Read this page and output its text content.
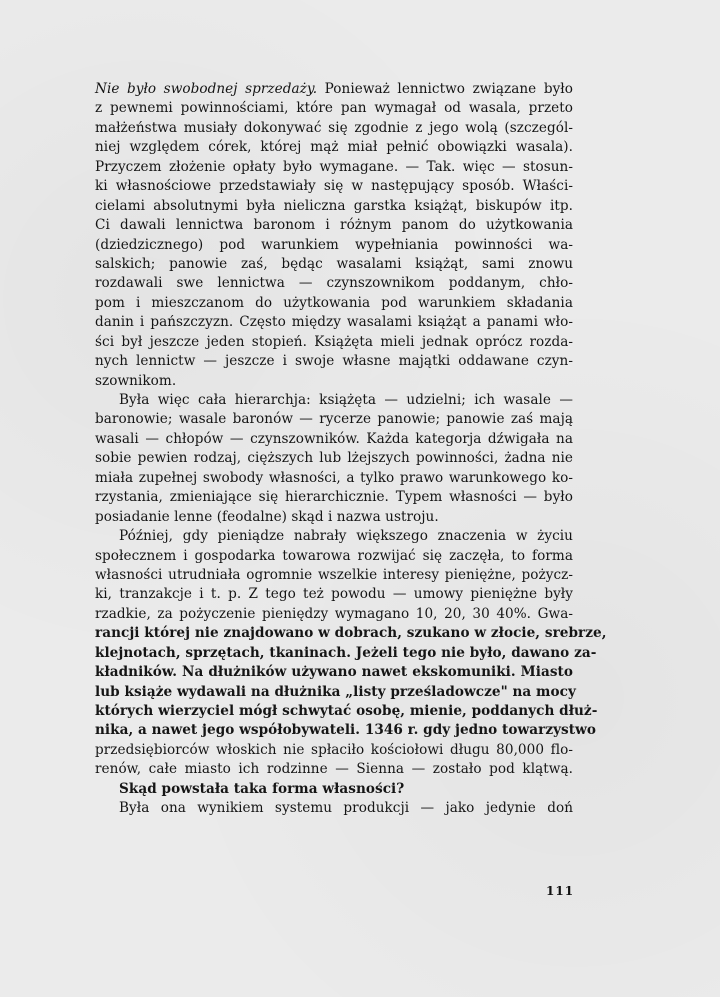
Nie było swobodnej sprzedaży. Ponieważ lennictwo związane było
z pewnemi powinnościami, które pan wymagał od wasala, przeto
małżeństwa musiały dokonywać się zgodnie z jego wolą (szczegól-
niej względem córek, której mąż miał pełnić obowiązki wasala).
Przyczem złożenie opłaty było wymagane. — Tak. więc — stosun-
ki własnościowe przedstawiały się w następujący sposób. Właści-
cielami absolutnymi była nieliczna garstka książąt, biskupów itp.
Ci dawali lennictwa baronom i różnym panom do użytkowania
(dziedzicznego) pod warunkiem wypełniania powinności wa-
salskich; panowie zaś, będąc wasalami książąt, sami znowu
rozdawali swe lennictwa — czynszownikom poddanym, chło-
pom i mieszczanom do użytkowania pod warunkiem składania
danin i pańszczyzn. Często między wasalami książąt a panami wło-
ści był jeszcze jeden stopień. Książęta mieli jednak oprócz rozda-
nych lennictw — jeszcze i swoje własne majątki oddawane czyn-
szownikom.
Była więc cała hierarchja: książęta — udzielni; ich wasale —
baronowie; wasale baronów — rycerze panowie; panowie zaś mają
wasali — chłopów — czynszowników. Każda kategorja dźwigała na
sobie pewien rodzaj, cięższych lub lżejszych powinności, żadna nie
miała zupełnej swobody własności, a tylko prawo warunkowego ko-
rzystania, zmieniające się hierarchicznie. Typem własności — było
posiadanie lenne (feodalne) skąd i nazwa ustroju.
Później, gdy pieniądze nabrały większego znaczenia w życiu
społecznem i gospodarka towarowa rozwijać się zaczęła, to forma
własności utrudniała ogromnie wszelkie interesy pieniężne, pożycz-
ki, tranzakcje i t. p. Z tego też powodu — umowy pieniężne były
rzadkie, za pożyczenie pieniędzy wymagano 10, 20, 30 40%. Gwa-
rancji której nie znajdowano w dobrach, szukano w złocie, srebrze,
klejnotach, sprzętach, tkaninach. Jeżeli tego nie było, dawano za-
kładników. Na dłużników używano nawet ekskomuniki. Miasto
lub książe wydawali na dłużnika „listy prześladowcze" na mocy
których wierzyciel mógł schwytać osobę, mienie, poddanych dłuż-
nika, a nawet jego współobywateli. 1346 r. gdy jedno towarzystwo
przedsiębiorców włoskich nie spłaciło kościołowi długu 80,000 flo-
renów, całe miasto ich rodzinne — Sienna — zostało pod klątwą.
Skąd powstała taka forma własności?
Była ona wynikiem systemu produkcji — jako jedynie doń
111
